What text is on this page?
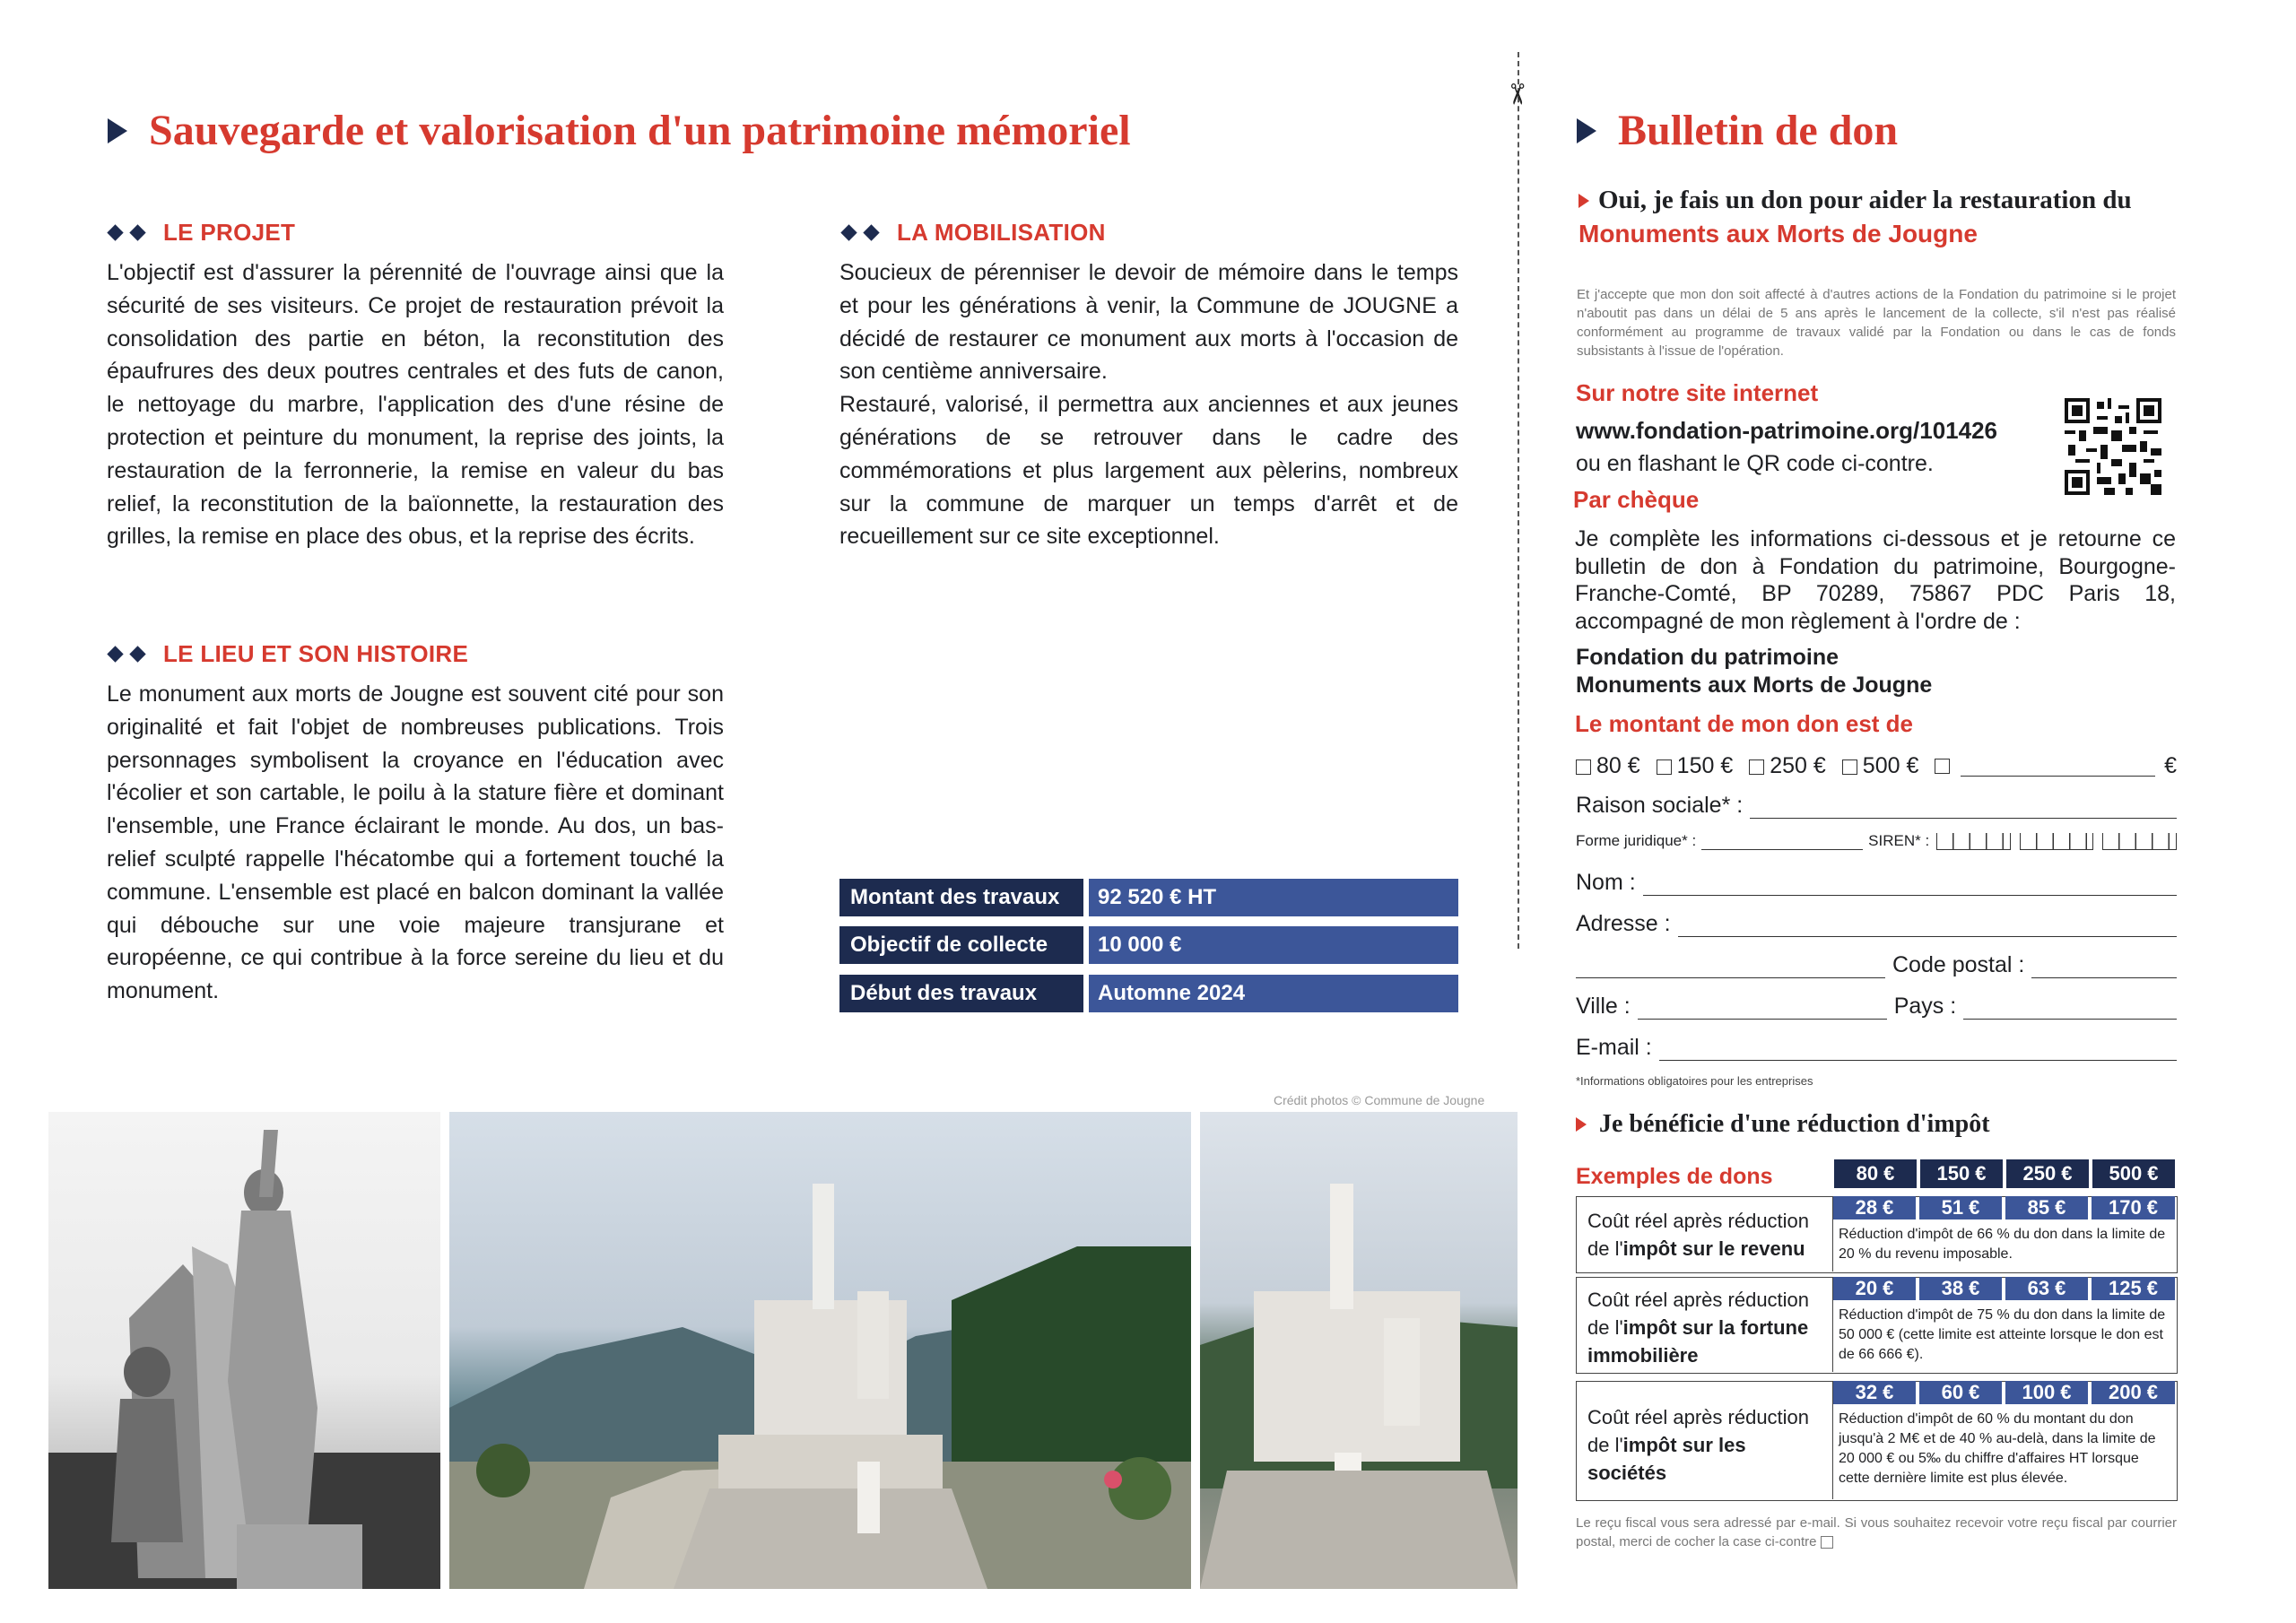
Sauvegarde et valorisation d'un patrimoine mémoriel
LE PROJET
L'objectif est d'assurer la pérennité de l'ouvrage ainsi que la sécurité de ses visiteurs. Ce projet de restauration prévoit la consolidation des partie en béton, la reconstitution des épaufrures des deux poutres centrales et des futs de canon, le nettoyage du marbre, l'application des d'une résine de protection et peinture du monument, la reprise des joints, la restauration de la ferronnerie, la remise en valeur du bas relief, la reconstitution de la baïonnette, la restauration des grilles, la remise en place des obus, et la reprise des écrits.
LE LIEU ET SON HISTOIRE
Le monument aux morts de Jougne est souvent cité pour son originalité et fait l'objet de nombreuses publications. Trois personnages symbolisent la croyance en l'éducation avec l'écolier et son cartable, le poilu à la stature fière et dominant l'ensemble, une France éclairant le monde. Au dos, un bas-relief sculpté rappelle l'hécatombe qui a fortement touché la commune. L'ensemble est placé en balcon dominant la vallée qui débouche sur une voie majeure transjurane et européenne, ce qui contribue à la force sereine du lieu et du monument.
LA MOBILISATION
Soucieux de pérenniser le devoir de mémoire dans le temps et pour les générations à venir, la Commune de JOUGNE a décidé de restaurer ce monument aux morts à l'occasion de son centième anniversaire.
Restauré, valorisé, il permettra aux anciennes et aux jeunes générations de se retrouver dans le cadre des commémorations et plus largement aux pèlerins, nombreux sur la commune de marquer un temps d'arrêt et de recueillement sur ce site exceptionnel.
Montant des travaux	92 520 € HT
Objectif de collecte	10 000 €
Début des travaux	Automne 2024
Crédit photos © Commune de Jougne
✂
Bulletin de don
Oui, je fais un don pour aider la restauration du
Monuments aux Morts de Jougne
Et j'accepte que mon don soit affecté à d'autres actions de la Fondation du patrimoine si le projet n'aboutit pas dans un délai de 5 ans après le lancement de la collecte, s'il n'est pas réalisé conformément au programme de travaux validé par la Fondation ou dans le cas de fonds subsistants à l'issue de l'opération.
Sur notre site internet
www.fondation-patrimoine.org/101426
ou en flashant le QR code ci-contre.
Par chèque
Je complète les informations ci-dessous et je retourne ce bulletin de don à Fondation du patrimoine, Bourgogne-Franche-Comté, BP 70289, 75867 PDC Paris 18, accompagné de mon règlement à l'ordre de :
Fondation du patrimoine
Monuments aux Morts de Jougne
Le montant de mon don est de
80 €	150 €	250 €	500 €	€
Raison sociale* :
Forme juridique* :	SIREN* :
Nom :
Adresse :
Code postal :
Ville :	Pays :
E-mail :
*Informations obligatoires pour les entreprises
Je bénéficie d'une réduction d'impôt
Exemples de dons	80 €	150 €	250 €	500 €
Coût réel après réduction
de l'impôt sur le revenu
28 €	51 €	85 €	170 €
Réduction d'impôt de 66 % du don dans la limite de 20 % du revenu imposable.
Coût réel après réduction
de l'impôt sur la fortune
immobilière
20 €	38 €	63 €	125 €
Réduction d'impôt de 75 % du don dans la limite de 50 000 € (cette limite est atteinte lorsque le don est de 66 666 €).
Coût réel après réduction
de l'impôt sur les
sociétés
32 €	60 €	100 €	200 €
Réduction d'impôt de 60 % du montant du don jusqu'à 2 M€ et de 40 % au-delà, dans la limite de 20 000 € ou 5‰ du chiffre d'affaires HT lorsque cette dernière limite est plus élevée.
Le reçu fiscal vous sera adressé par e-mail. Si vous souhaitez recevoir votre reçu fiscal par courrier postal, merci de cocher la case ci-contre
